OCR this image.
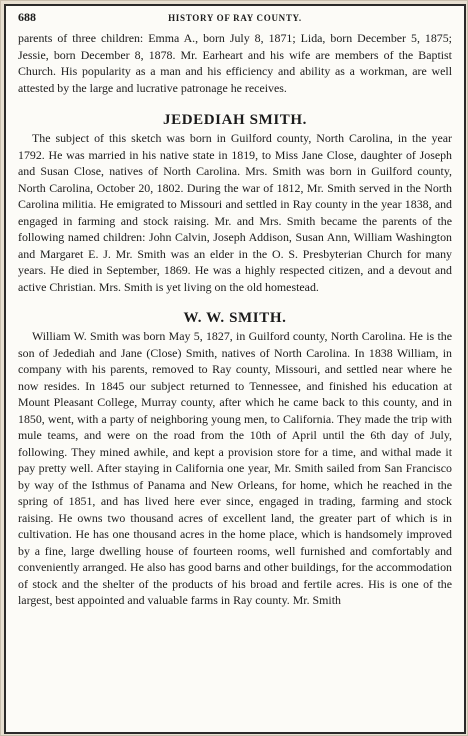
688	HISTORY OF RAY COUNTY.

parents of three children: Emma A., born July 8, 1871; Lida, born December 5, 1875; Jessie, born December 8, 1878. Mr. Earheart and his wife are members of the Baptist Church. His popularity as a man and his efficiency and ability as a workman, are well attested by the large and lucrative patronage he receives.

JEDEDIAH SMITH.

The subject of this sketch was born in Guilford county, North Carolina, in the year 1792. He was married in his native state in 1819, to Miss Jane Close, daughter of Joseph and Susan Close, natives of North Carolina. Mrs. Smith was born in Guilford county, North Carolina, October 20, 1802. During the war of 1812, Mr. Smith served in the North Carolina militia. He emigrated to Missouri and settled in Ray county in the year 1838, and engaged in farming and stock raising. Mr. and Mrs. Smith became the parents of the following named children: John Calvin, Joseph Addison, Susan Ann, William Washington and Margaret E. J. Mr. Smith was an elder in the O. S. Presbyterian Church for many years. He died in September, 1869. He was a highly respected citizen, and a devout and active Christian. Mrs. Smith is yet living on the old homestead.

W. W. SMITH.

William W. Smith was born May 5, 1827, in Guilford county, North Carolina. He is the son of Jedediah and Jane (Close) Smith, natives of North Carolina. In 1838 William, in company with his parents, removed to Ray county, Missouri, and settled near where he now resides. In 1845 our subject returned to Tennessee, and finished his education at Mount Pleasant College, Murray county, after which he came back to this county, and in 1850, went, with a party of neighboring young men, to California. They made the trip with mule teams, and were on the road from the 10th of April until the 6th day of July, following. They mined awhile, and kept a provision store for a time, and withal made it pay pretty well. After staying in California one year, Mr. Smith sailed from San Francisco by way of the Isthmus of Panama and New Orleans, for home, which he reached in the spring of 1851, and has lived here ever since, engaged in trading, farming and stock raising. He owns two thousand acres of excellent land, the greater part of which is in cultivation. He has one thousand acres in the home place, which is handsomely improved by a fine, large dwelling house of fourteen rooms, well furnished and comfortably and conveniently arranged. He also has good barns and other buildings, for the accommodation of stock and the shelter of the products of his broad and fertile acres. His is one of the largest, best appointed and valuable farms in Ray county. Mr. Smith
